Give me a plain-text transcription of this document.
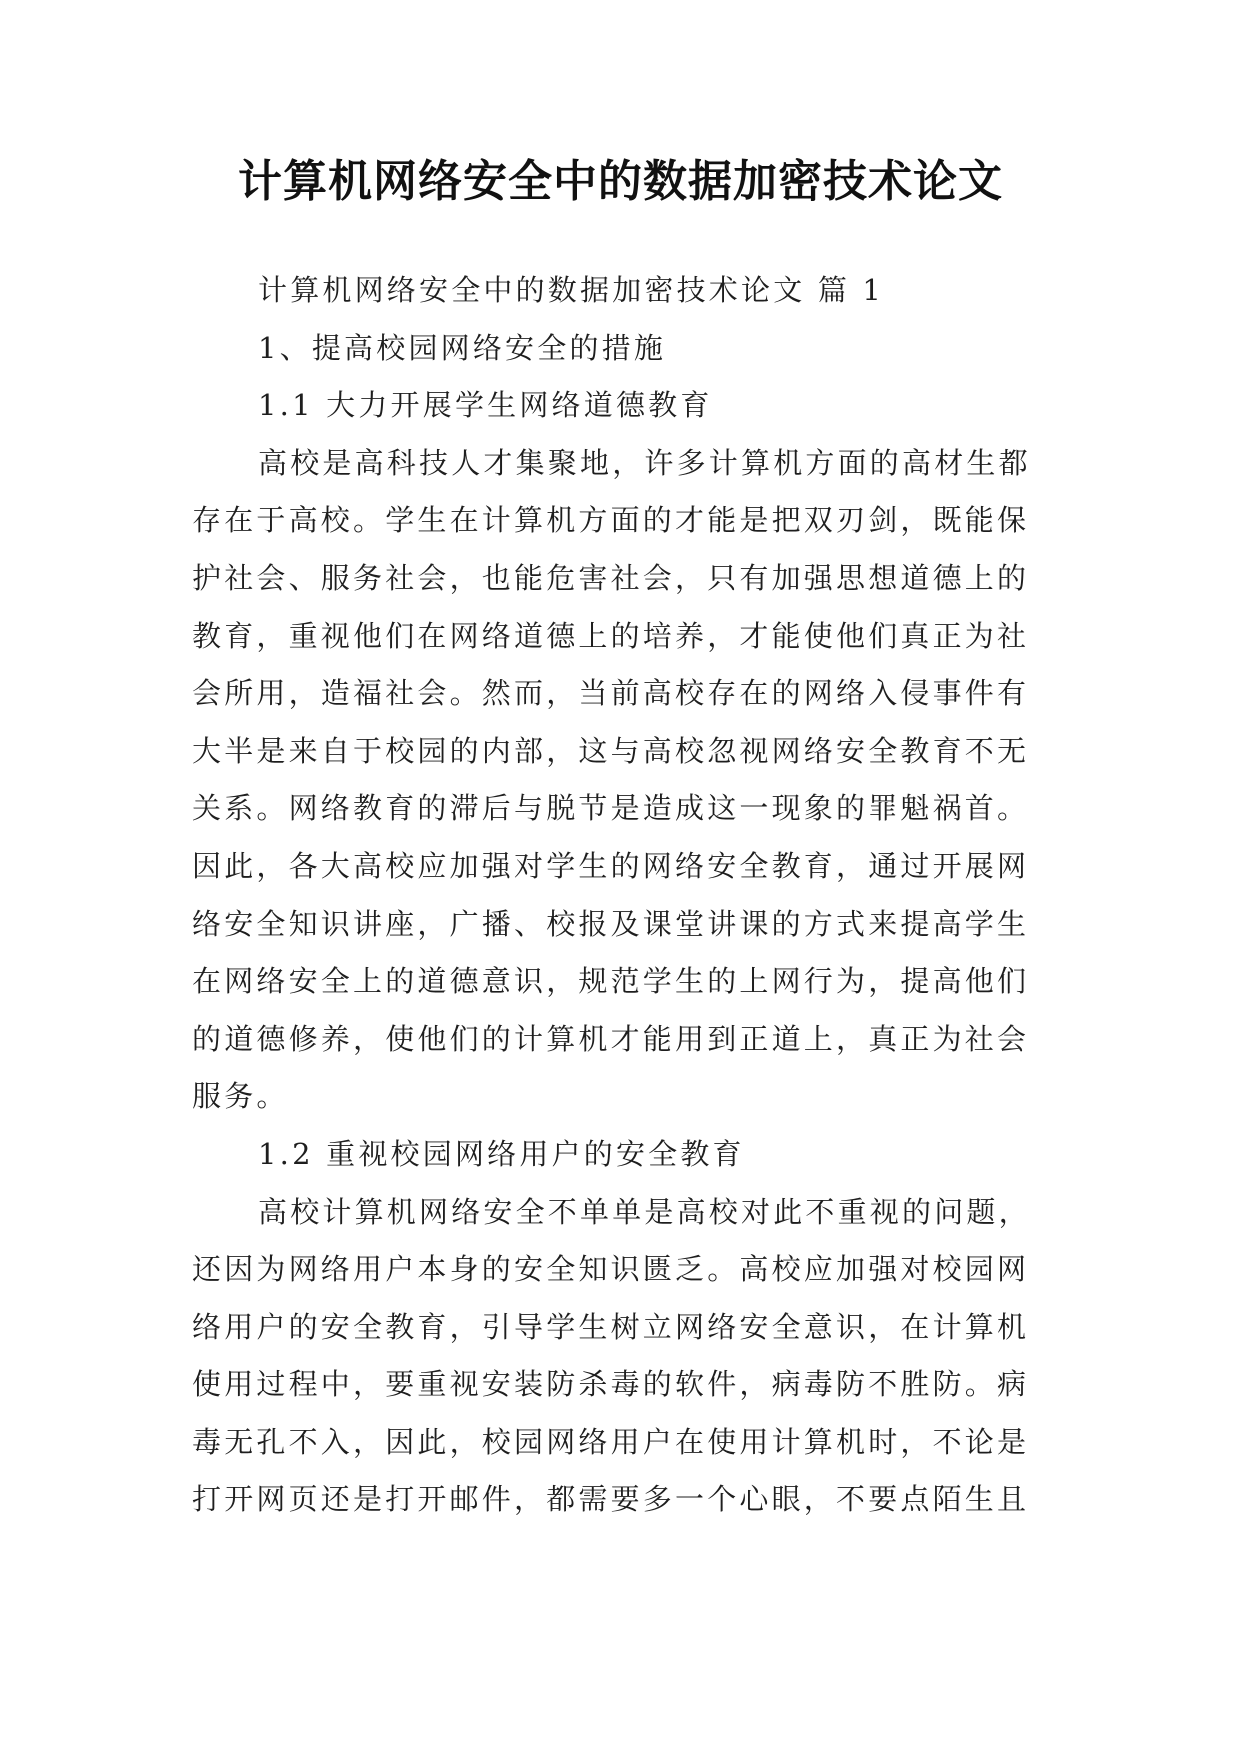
计算机网络安全中的数据加密技术论文
计算机网络安全中的数据加密技术论文 篇 1
1、提高校园网络安全的措施
1.1 大力开展学生网络道德教育
高校是高科技人才集聚地，许多计算机方面的高材生都
存在于高校。学生在计算机方面的才能是把双刃剑，既能保
护社会、服务社会，也能危害社会，只有加强思想道德上的
教育，重视他们在网络道德上的培养，才能使他们真正为社
会所用，造福社会。然而，当前高校存在的网络入侵事件有
大半是来自于校园的内部，这与高校忽视网络安全教育不无
关系。网络教育的滞后与脱节是造成这一现象的罪魁祸首。
因此，各大高校应加强对学生的网络安全教育，通过开展网
络安全知识讲座，广播、校报及课堂讲课的方式来提高学生
在网络安全上的道德意识，规范学生的上网行为，提高他们
的道德修养，使他们的计算机才能用到正道上，真正为社会
服务。
1.2 重视校园网络用户的安全教育
高校计算机网络安全不单单是高校对此不重视的问题，
还因为网络用户本身的安全知识匮乏。高校应加强对校园网
络用户的安全教育，引导学生树立网络安全意识，在计算机
使用过程中，要重视安装防杀毒的软件，病毒防不胜防。病
毒无孔不入，因此，校园网络用户在使用计算机时，不论是
打开网页还是打开邮件，都需要多一个心眼，不要点陌生且
